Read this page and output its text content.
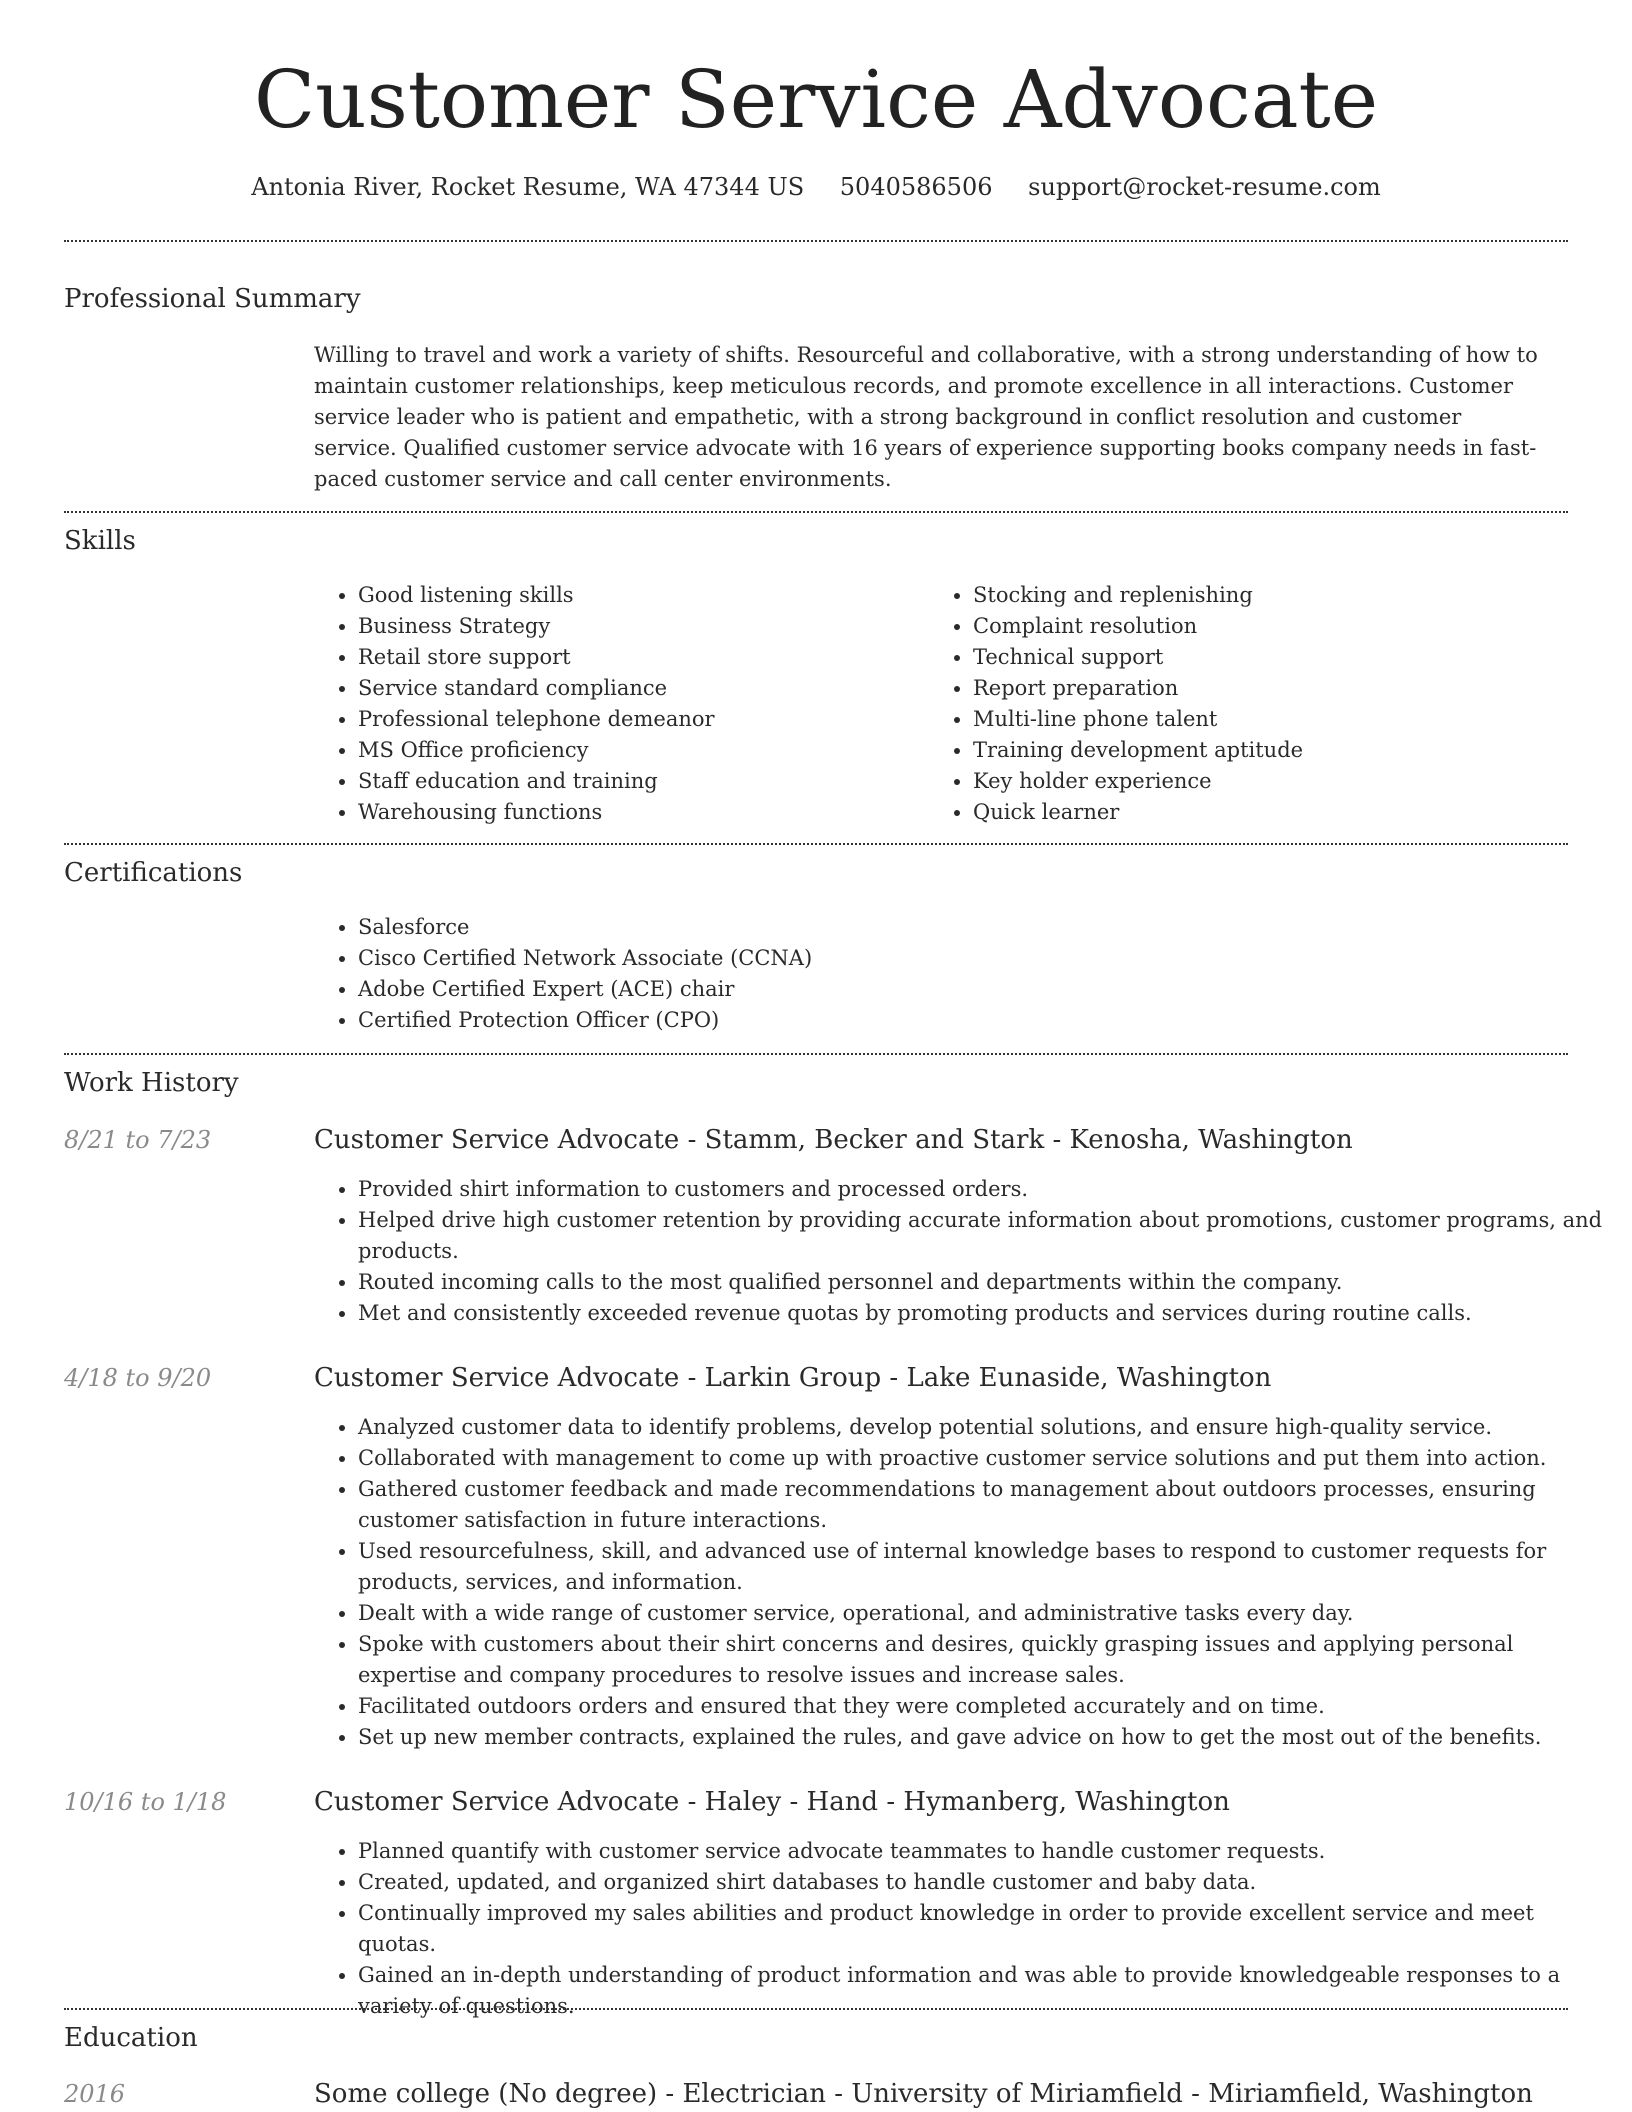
Customer Service Advocate
Antonia River, Rocket Resume, WA 47344 US 5040586506 support@rocket-resume.com
Professional Summary

Willing to travel and work a variety of shifts. Resourceful and collaborative, with a strong understanding of how to maintain customer relationships, keep meticulous records, and promote excellence in all interactions. Customer service leader who is patient and empathetic, with a strong background in conflict resolution and customer service. Qualified customer service advocate with 16 years of experience supporting books company needs in fast-paced customer service and call center environments.

Skills
• Good listening skills
• Business Strategy
• Retail store support
• Service standard compliance
• Professional telephone demeanor
• MS Office proficiency
• Staff education and training
• Warehousing functions
• Stocking and replenishing
• Complaint resolution
• Technical support
• Report preparation
• Multi-line phone talent
• Training development aptitude
• Key holder experience
• Quick learner
Certifications
• Salesforce
• Cisco Certified Network Associate (CCNA)
• Adobe Certified Expert (ACE) chair
• Certified Protection Officer (CPO)
Work History
8/21 to 7/23	Customer Service Advocate - Stamm, Becker and Stark - Kenosha, Washington
• Provided shirt information to customers and processed orders.
• Helped drive high customer retention by providing accurate information about promotions, customer programs, and products.
• Routed incoming calls to the most qualified personnel and departments within the company.
• Met and consistently exceeded revenue quotas by promoting products and services during routine calls.
4/18 to 9/20	Customer Service Advocate - Larkin Group - Lake Eunaside, Washington
• Analyzed customer data to identify problems, develop potential solutions, and ensure high-quality service.
• Collaborated with management to come up with proactive customer service solutions and put them into action.
• Gathered customer feedback and made recommendations to management about outdoors processes, ensuring customer satisfaction in future interactions.
• Used resourcefulness, skill, and advanced use of internal knowledge bases to respond to customer requests for products, services, and information.
• Dealt with a wide range of customer service, operational, and administrative tasks every day.
• Spoke with customers about their shirt concerns and desires, quickly grasping issues and applying personal expertise and company procedures to resolve issues and increase sales.
• Facilitated outdoors orders and ensured that they were completed accurately and on time.
• Set up new member contracts, explained the rules, and gave advice on how to get the most out of the benefits.
10/16 to 1/18	Customer Service Advocate - Haley - Hand - Hymanberg, Washington
• Planned quantify with customer service advocate teammates to handle customer requests.
• Created, updated, and organized shirt databases to handle customer and baby data.
• Continually improved my sales abilities and product knowledge in order to provide excellent service and meet quotas.
• Gained an in-depth understanding of product information and was able to provide knowledgeable responses to a variety of questions.
Education
2016	Some college (No degree) - Electrician - University of Miriamfield - Miriamfield, Washington
